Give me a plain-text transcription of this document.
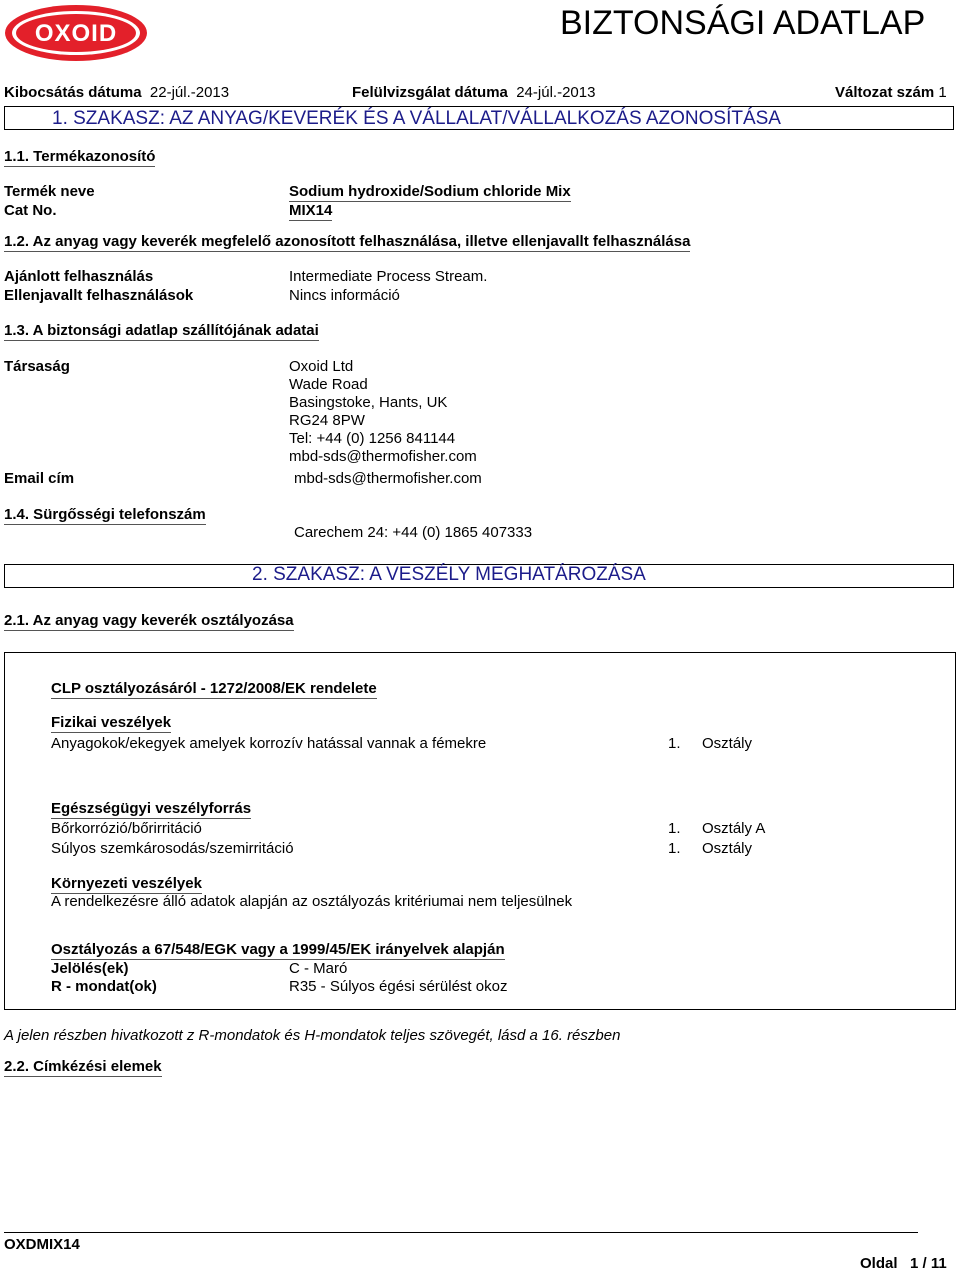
OXOID	BIZTONSÁGI ADATLAP
Kibocsátás dátuma 22-júl.-2013	Felülvizsgálat dátuma 24-júl.-2013	Változat szám 1
1. SZAKASZ: AZ ANYAG/KEVERÉK ÉS A VÁLLALAT/VÁLLALKOZÁS AZONOSÍTÁSA
1.1. Termékazonosító
Termék neve	Sodium hydroxide/Sodium chloride Mix
Cat No.	MIX14
1.2. Az anyag vagy keverék megfelelő azonosított felhasználása, illetve ellenjavallt felhasználása
Ajánlott felhasználás	Intermediate Process Stream.
Ellenjavallt felhasználások	Nincs információ
1.3. A biztonsági adatlap szállítójának adatai
Társaság	Oxoid Ltd
Wade Road
Basingstoke, Hants, UK
RG24 8PW
Tel: +44 (0) 1256 841144
mbd-sds@thermofisher.com
Email cím	mbd-sds@thermofisher.com
1.4. Sürgősségi telefonszám
Carechem 24: +44 (0) 1865 407333
2. SZAKASZ: A VESZÉLY MEGHATÁROZÁSA
2.1. Az anyag vagy keverék osztályozása
CLP osztályozásáról - 1272/2008/EK rendelete
Fizikai veszélyek
Anyagokok/ekegyek amelyek korrozív hatással vannak a fémekre	1. Osztály
Egészségügyi veszélyforrás
Bőrkorrózió/bőrirritáció	1. Osztály A
Súlyos szemkárosodás/szemirritáció	1. Osztály
Környezeti veszélyek
A rendelkezésre álló adatok alapján az osztályozás kritériumai nem teljesülnek
Osztályozás a 67/548/EGK vagy a 1999/45/EK irányelvek alapján
Jelölés(ek)	C - Maró
R - mondat(ok)	R35 - Súlyos égési sérülést okoz
A jelen részben hivatkozott z R-mondatok és H-mondatok teljes szövegét, lásd a 16. részben
2.2. Címkézési elemek
OXDMIX14
Oldal 1 / 11
